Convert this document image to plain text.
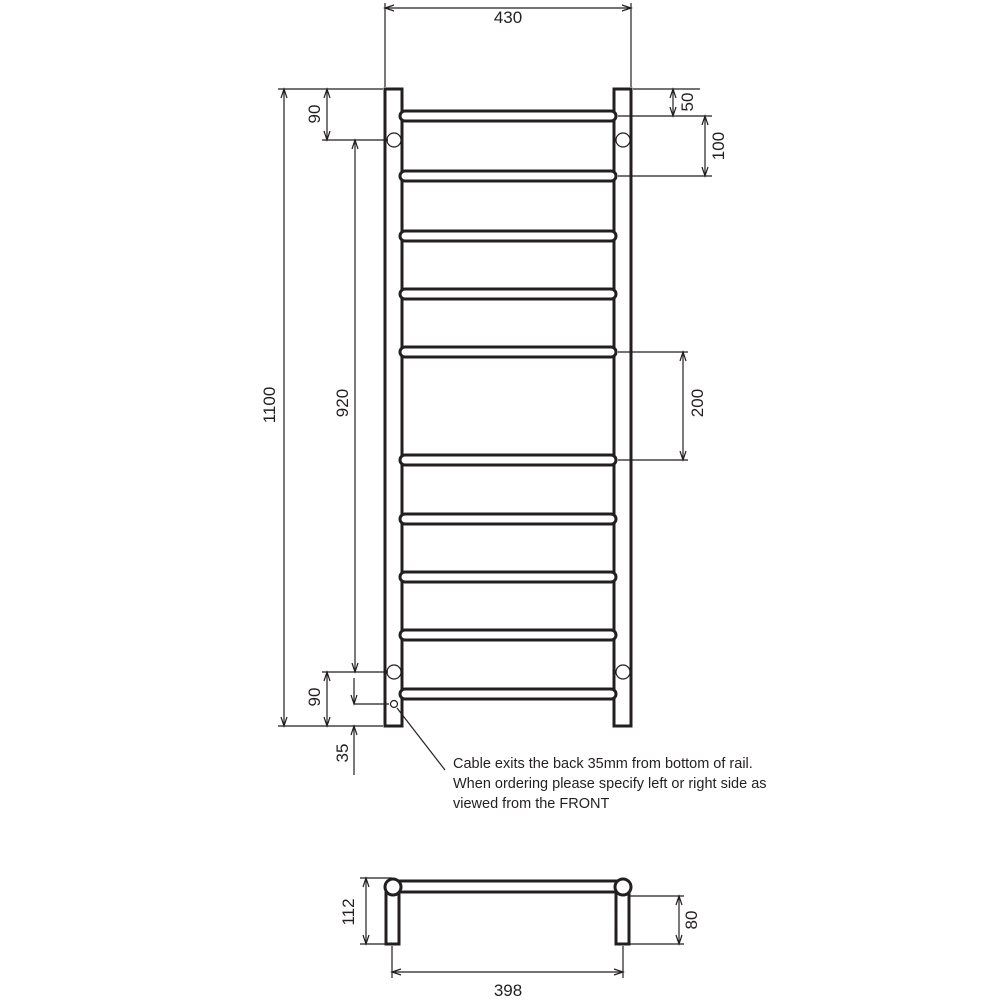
430
90
50
100
200
1100	920
90
35
112	80
398
Cable exits the back 35mm from bottom of rail.
When ordering please specify left or right side as
viewed from the FRONT
